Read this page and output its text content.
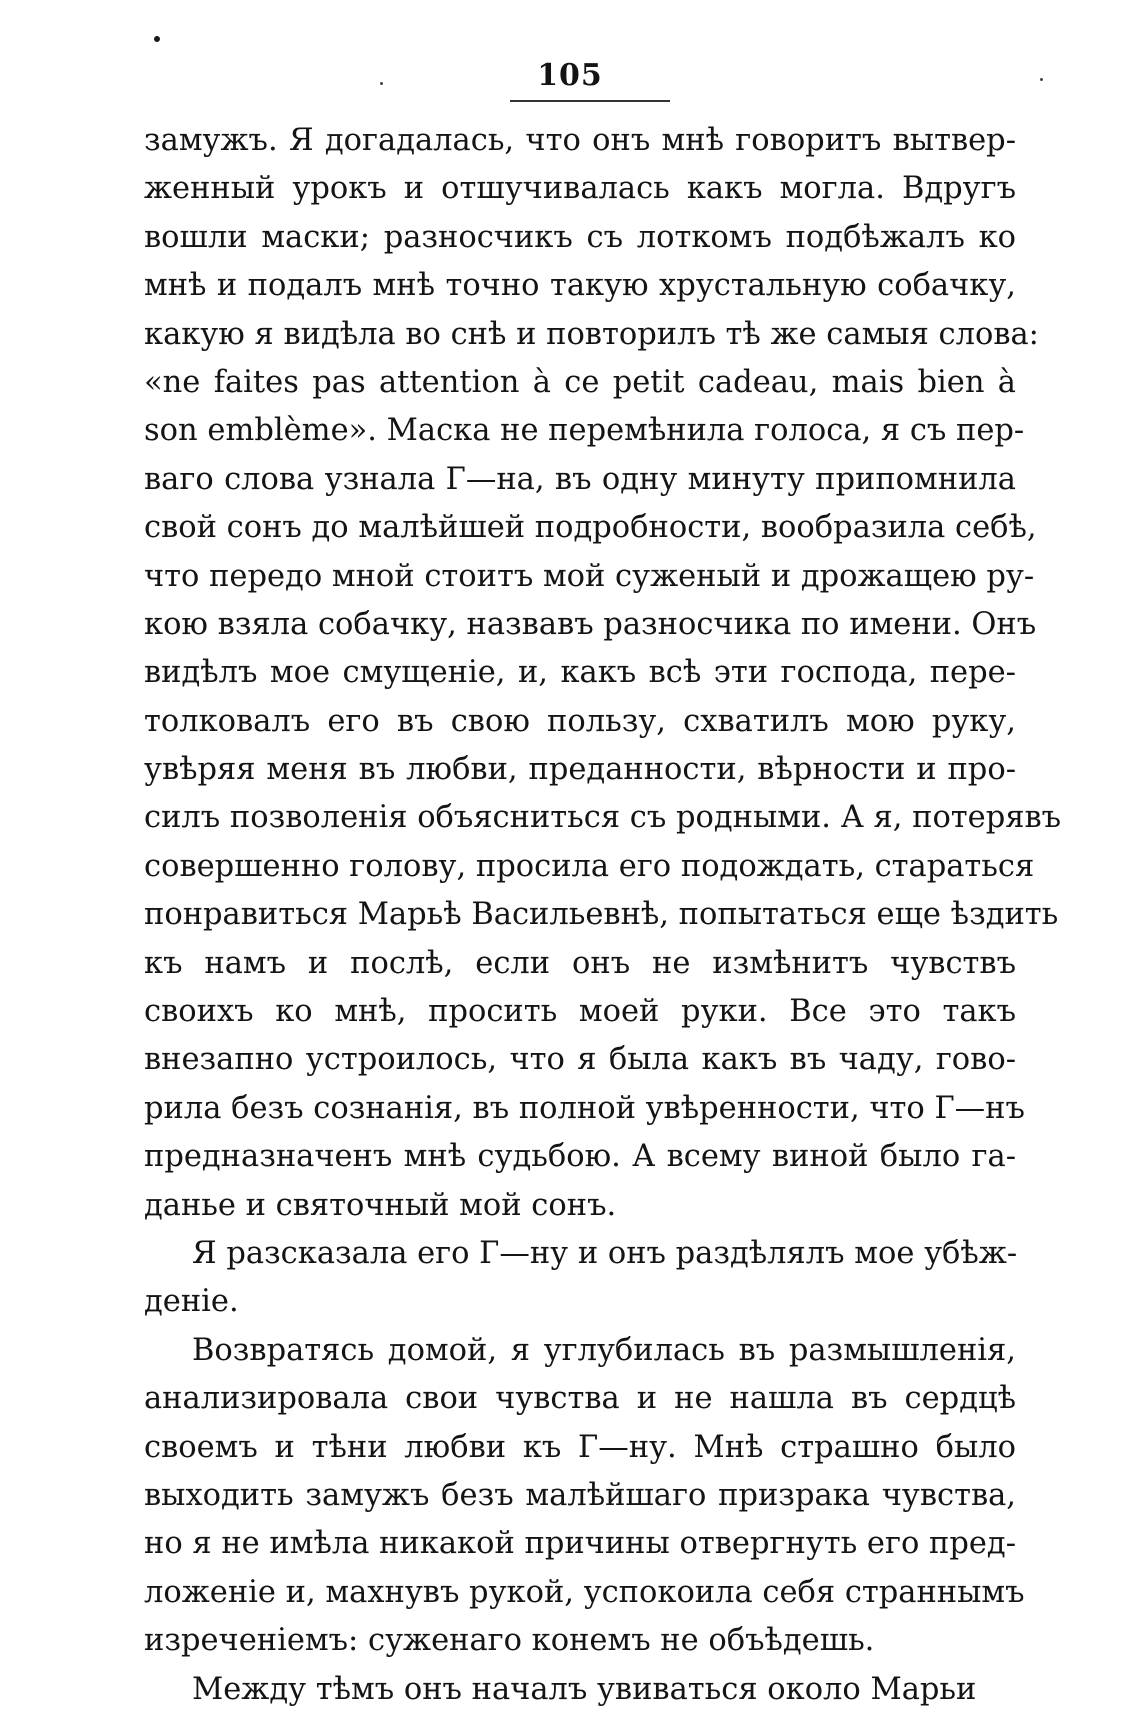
105
замужъ. Я догадалась, что онъ мнѣ говоритъ вытвер-
женный урокъ и отшучивалась какъ могла. Вдругъ
вошли маски; разносчикъ съ лоткомъ подбѣжалъ ко
мнѣ и подалъ мнѣ точно такую хрустальную собачку,
какую я видѣла во снѣ и повторилъ тѣ же самыя слова:
«ne faites pas attention à ce petit cadeau, mais bien à
son emblème». Маска не перемѣнила голоса, я съ пер-
ваго слова узнала Г—на, въ одну минуту припомнила
свой сонъ до малѣйшей подробности, вообразила себѣ,
что передо мной стоитъ мой суженый и дрожащею ру-
кою взяла собачку, назвавъ разносчика по имени. Онъ
видѣлъ мое смущеніе, и, какъ всѣ эти господа, пере-
толковалъ его въ свою пользу, схватилъ мою руку,
увѣряя меня въ любви, преданности, вѣрности и про-
силъ позволенія объясниться съ родными. А я, потерявъ
совершенно голову, просила его подождать, стараться
понравиться Марьѣ Васильевнѣ, попытаться еще ѣздить
къ намъ и послѣ, если онъ не измѣнитъ чувствъ
своихъ ко мнѣ, просить моей руки. Все это такъ
внезапно устроилось, что я была какъ въ чаду, гово-
рила безъ сознанія, въ полной увѣренности, что Г—нъ
предназначенъ мнѣ судьбою. А всему виной было га-
данье и святочный мой сонъ.
Я разсказала его Г—ну и онъ раздѣлялъ мое убѣж-
деніе.
Возвратясь домой, я углубилась въ размышленія,
анализировала свои чувства и не нашла въ сердцѣ
своемъ и тѣни любви къ Г—ну. Мнѣ страшно было
выходить замужъ безъ малѣйшаго призрака чувства,
но я не имѣла никакой причины отвергнуть его пред-
ложеніе и, махнувъ рукой, успокоила себя страннымъ
изреченіемъ: суженаго конемъ не объѣдешь.
Между тѣмъ онъ началъ увиваться около Марьи
